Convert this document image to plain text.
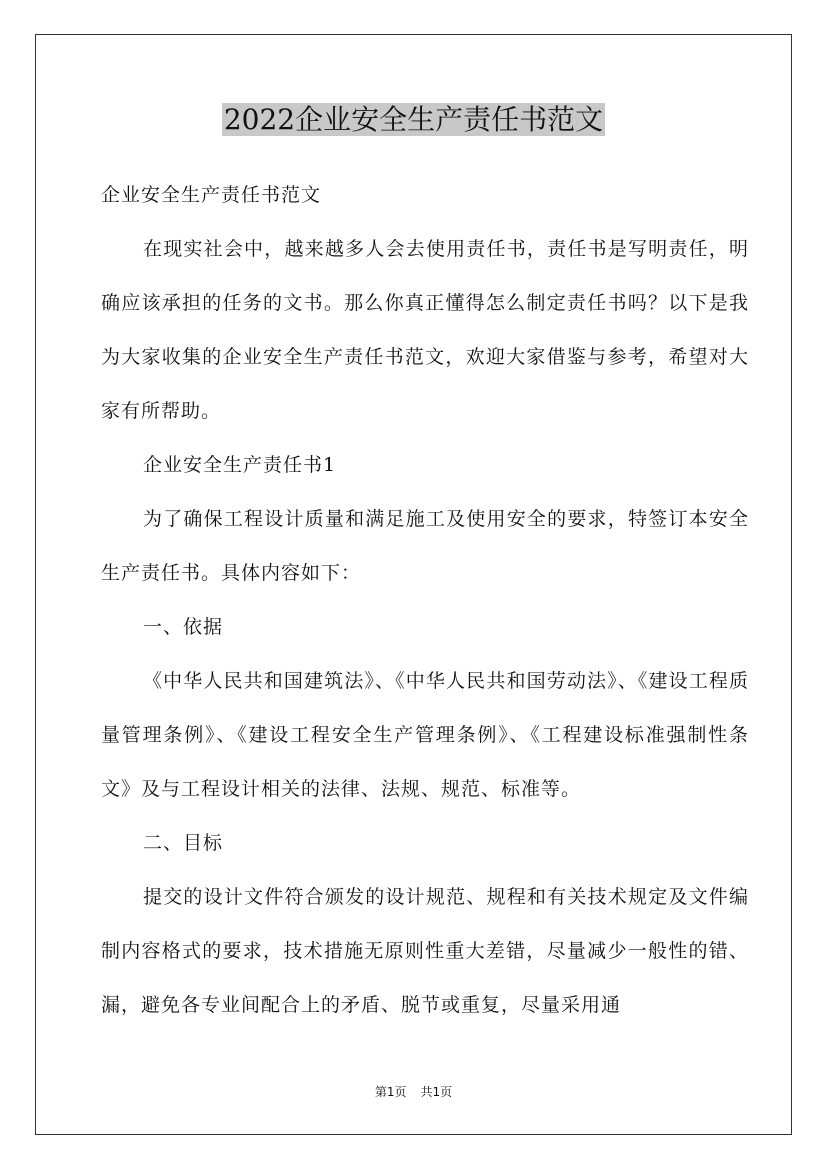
2022企业安全生产责任书范文

企业安全生产责任书范文

在现实社会中，越来越多人会去使用责任书，责任书是写明责任，明确应该承担的任务的文书。那么你真正懂得怎么制定责任书吗？以下是我为大家收集的企业安全生产责任书范文，欢迎大家借鉴与参考，希望对大家有所帮助。

企业安全生产责任书1

为了确保工程设计质量和满足施工及使用安全的要求，特签订本安全生产责任书。具体内容如下：

一、依据

《中华人民共和国建筑法》、《中华人民共和国劳动法》、《建设工程质量管理条例》、《建设工程安全生产管理条例》、《工程建设标准强制性条文》及与工程设计相关的法律、法规、规范、标准等。

二、目标

提交的设计文件符合颁发的设计规范、规程和有关技术规定及文件编制内容格式的要求，技术措施无原则性重大差错，尽量减少一般性的错、漏，避免各专业间配合上的矛盾、脱节或重复，尽量采用通

第1页 共1页
